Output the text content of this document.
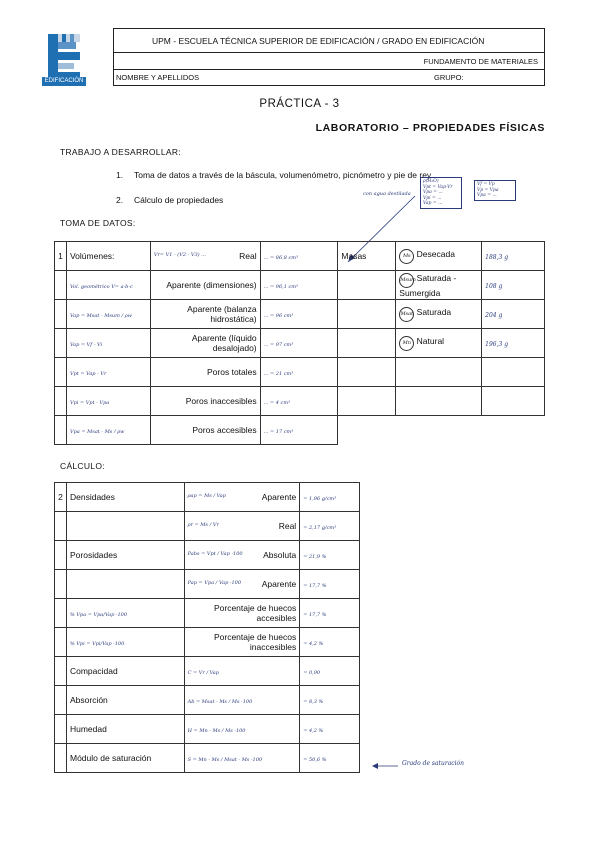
EDIFICACIÓN
UPM - ESCUELA TÉCNICA SUPERIOR DE EDIFICACIÓN / GRADO EN EDIFICACIÓN
FUNDAMENTO DE MATERIALES
NOMBRE Y APELLIDOS	GRUPO:
PRÁCTICA - 3
LABORATORIO – PROPIEDADES FÍSICAS
TRABAJO A DESARROLLAR:
1. Toma de datos a través de la báscula, volumenómetro, picnómetro y pie de rey
2. Cálculo de propiedades
TOMA DE DATOS:
con agua destilada
ρ(H₂O)
Vpt = Vap-Vr
Vpa = ...
Vpi = ...
Vap = ...
Vf = Vp
Vp = Vpa
Vpa = ...
1	Volúmenes:	Vr= V1 - (V2 - V3) ... Real	... = 86,8 cm³	Masas	Ms Desecada	188,3 g
	Vol. geométrico V= a·b·c	Aparente (dimensiones)	... = 96,1 cm³		Msum Saturada - Sumergida	108 g
	Vap = Msat - Msum / ρw	Aparente (balanza hidrostática)	... = 96 cm³		Msat Saturada	204 g
	Vap = Vf - Vi	Aparente (líquido desalojado)	... = 97 cm³		Mn Natural	196,3 g
	Vpt = Vap - Vr	Poros totales	... = 21 cm³			
	Vpi = Vpt - Vpa	Poros inaccesibles	... = 4 cm³			
	Vpa = Msat - Ms / ρw	Poros accesibles	... = 17 cm³			
CÁLCULO:
2	Densidades	ρap = Ms / Vap Aparente	= 1,96 g/cm³

		ρr = Ms / Vr Real	= 2,17 g/cm³
	Porosidades	Pabs = Vpt / Vap ·100 Absoluta	= 21,9 %

		Pap = Vpa / Vap ·100 Aparente	= 17,7 %
	% Vpa = Vpa/Vap ·100	Porcentaje de huecos accesibles	= 17,7 %
	% Vpi = Vpi/Vap ·100	Porcentaje de huecos inaccesibles	= 4,2 %
	Compacidad	C = Vr / Vap	= 0,90
	Absorción	Ab = Msat - Ms / Ms ·100	= 8,3 %
	Humedad	H = Mn - Ms / Ms ·100	= 4,2 %
	Módulo de saturación	S = Mn - Ms / Msat - Ms ·100	= 50,6 %	Grado de saturación
